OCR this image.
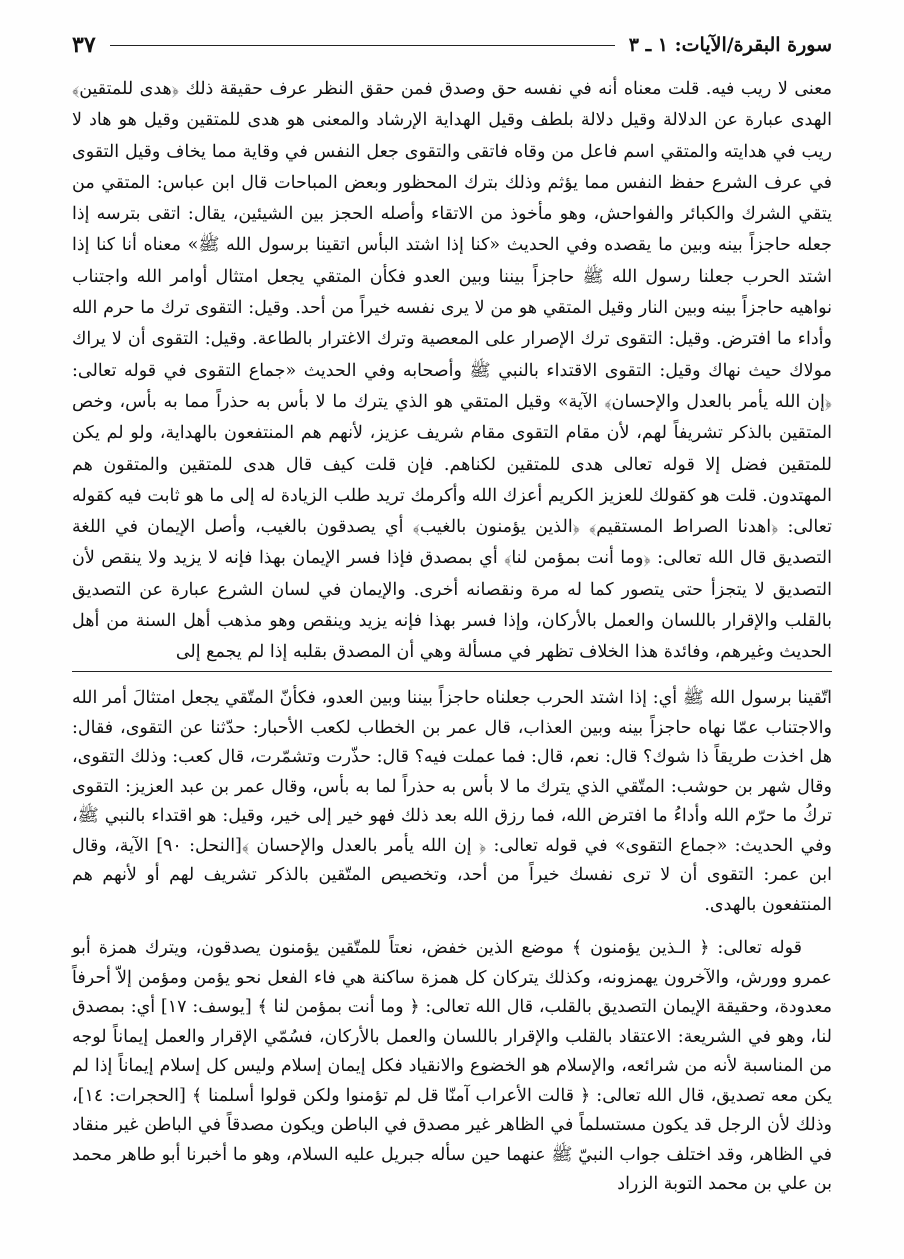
سورة البقرة/الآيات: ١ ـ ٣
٣٧

معنى لا ريب فيه. قلت معناه أنه في نفسه حق وصدق فمن حقق النظر عرف حقيقة ذلك ﴿هدى للمتقين﴾ الهدى عبارة عن الدلالة وقيل دلالة بلطف وقيل الهداية الإرشاد والمعنى هو هدى للمتقين وقيل هو هاد لا ريب في هدايته والمتقي اسم فاعل من وقاه فاتقى والتقوى جعل النفس في وقاية مما يخاف وقيل التقوى في عرف الشرع حفظ النفس مما يؤثم وذلك بترك المحظور وبعض المباحات قال ابن عباس: المتقي من يتقي الشرك والكبائر والفواحش، وهو مأخوذ من الاتقاء وأصله الحجز بين الشيئين، يقال: اتقى بترسه إذا جعله حاجزاً بينه وبين ما يقصده وفي الحديث «كنا إذا اشتد البأس اتقينا برسول الله ﷺ» معناه أنا كنا إذا اشتد الحرب جعلنا رسول الله ﷺ حاجزاً بيننا وبين العدو فكأن المتقي يجعل امتثال أوامر الله واجتناب نواهيه حاجزاً بينه وبين النار وقيل المتقي هو من لا يرى نفسه خيراً من أحد. وقيل: التقوى ترك ما حرم الله وأداء ما افترض. وقيل: التقوى ترك الإصرار على المعصية وترك الاغترار بالطاعة. وقيل: التقوى أن لا يراك مولاك حيث نهاك وقيل: التقوى الاقتداء بالنبي ﷺ وأصحابه وفي الحديث «جماع التقوى في قوله تعالى: ﴿إن الله يأمر بالعدل والإحسان﴾ الآية» وقيل المتقي هو الذي يترك ما لا بأس به حذراً مما به بأس، وخص المتقين بالذكر تشريفاً لهم، لأن مقام التقوى مقام شريف عزيز، لأنهم هم المنتفعون بالهداية، ولو لم يكن للمتقين فضل إلا قوله تعالى هدى للمتقين لكناهم. فإن قلت كيف قال هدى للمتقين والمتقون هم المهتدون. قلت هو كقولك للعزيز الكريم أعزك الله وأكرمك تريد طلب الزيادة له إلى ما هو ثابت فيه كقوله تعالى: ﴿اهدنا الصراط المستقيم﴾ ﴿الذين يؤمنون بالغيب﴾ أي يصدقون بالغيب، وأصل الإيمان في اللغة التصديق قال الله تعالى: ﴿وما أنت بمؤمن لنا﴾ أي بمصدق فإذا فسر الإيمان بهذا فإنه لا يزيد ولا ينقص لأن التصديق لا يتجزأ حتى يتصور كما له مرة ونقصانه أخرى. والإيمان في لسان الشرع عبارة عن التصديق بالقلب والإقرار باللسان والعمل بالأركان، وإذا فسر بهذا فإنه يزيد وينقص وهو مذهب أهل السنة من أهل الحديث وغيرهم، وفائدة هذا الخلاف تظهر في مسألة وهي أن المصدق بقلبه إذا لم يجمع إلى

اتّقينا برسول الله ﷺ أي: إذا اشتد الحرب جعلناه حاجزاً بيننا وبين العدو، فكأنّ المتّقي يجعل امتثالَ أمر الله والاجتناب عمّا نهاه حاجزاً بينه وبين العذاب، قال عمر بن الخطاب لكعب الأحبار: حدّثنا عن التقوى، فقال: هل اخذت طريقاً ذا شوك؟ قال: نعم، قال: فما عملت فيه؟ قال: حذّرت وتشمّرت، قال كعب: وذلك التقوى، وقال شهر بن حوشب: المتّقي الذي يترك ما لا بأس به حذراً لما به بأس، وقال عمر بن عبد العزيز: التقوى تركُ ما حرّم الله وأداءُ ما افترض الله، فما رزق الله بعد ذلك فهو خير إلى خير، وقيل: هو اقتداء بالنبي ﷺ، وفي الحديث: «جماع التقوى» في قوله تعالى: ﴿ إن الله يأمر بالعدل والإحسان ﴾[النحل: ٩٠] الآية، وقال ابن عمر: التقوى أن لا ترى نفسك خيراً من أحد، وتخصيص المتّقين بالذكر تشريف لهم أو لأنهم هم المنتفعون بالهدى.

قوله تعالى: ﴿ الـذين يؤمنون ﴾ موضع الذين خفض، نعتاً للمتّقين يؤمنون يصدقون، ويترك همزة أبو عمرو وورش، والآخرون يهمزونه، وكذلك يتركان كل همزة ساكنة هي فاء الفعل نحو يؤمن ومؤمن إلاّ أحرفاً معدودة، وحقيقة الإيمان التصديق بالقلب، قال الله تعالى: ﴿ وما أنت بمؤمن لنا ﴾ [يوسف: ١٧] أي: بمصدق لنا، وهو في الشريعة: الاعتقاد بالقلب والإقرار باللسان والعمل بالأركان، فسُمّي الإقرار والعمل إيماناً لوجه من المناسبة لأنه من شرائعه، والإسلام هو الخضوع والانقياد فكل إيمان إسلام وليس كل إسلام إيماناً إذا لم يكن معه تصديق، قال الله تعالى: ﴿ قالت الأعراب آمنّا قل لم تؤمنوا ولكن قولوا أسلمنا ﴾ [الحجرات: ١٤]، وذلك لأن الرجل قد يكون مستسلماً في الظاهر غير مصدق في الباطن ويكون مصدقاً في الباطن غير منقاد في الظاهر، وقد اختلف جواب النبيّ ﷺ عنهما حين سأله جبريل عليه السلام، وهو ما أخبرنا أبو طاهر محمد بن علي بن محمد التوبة الزراد
